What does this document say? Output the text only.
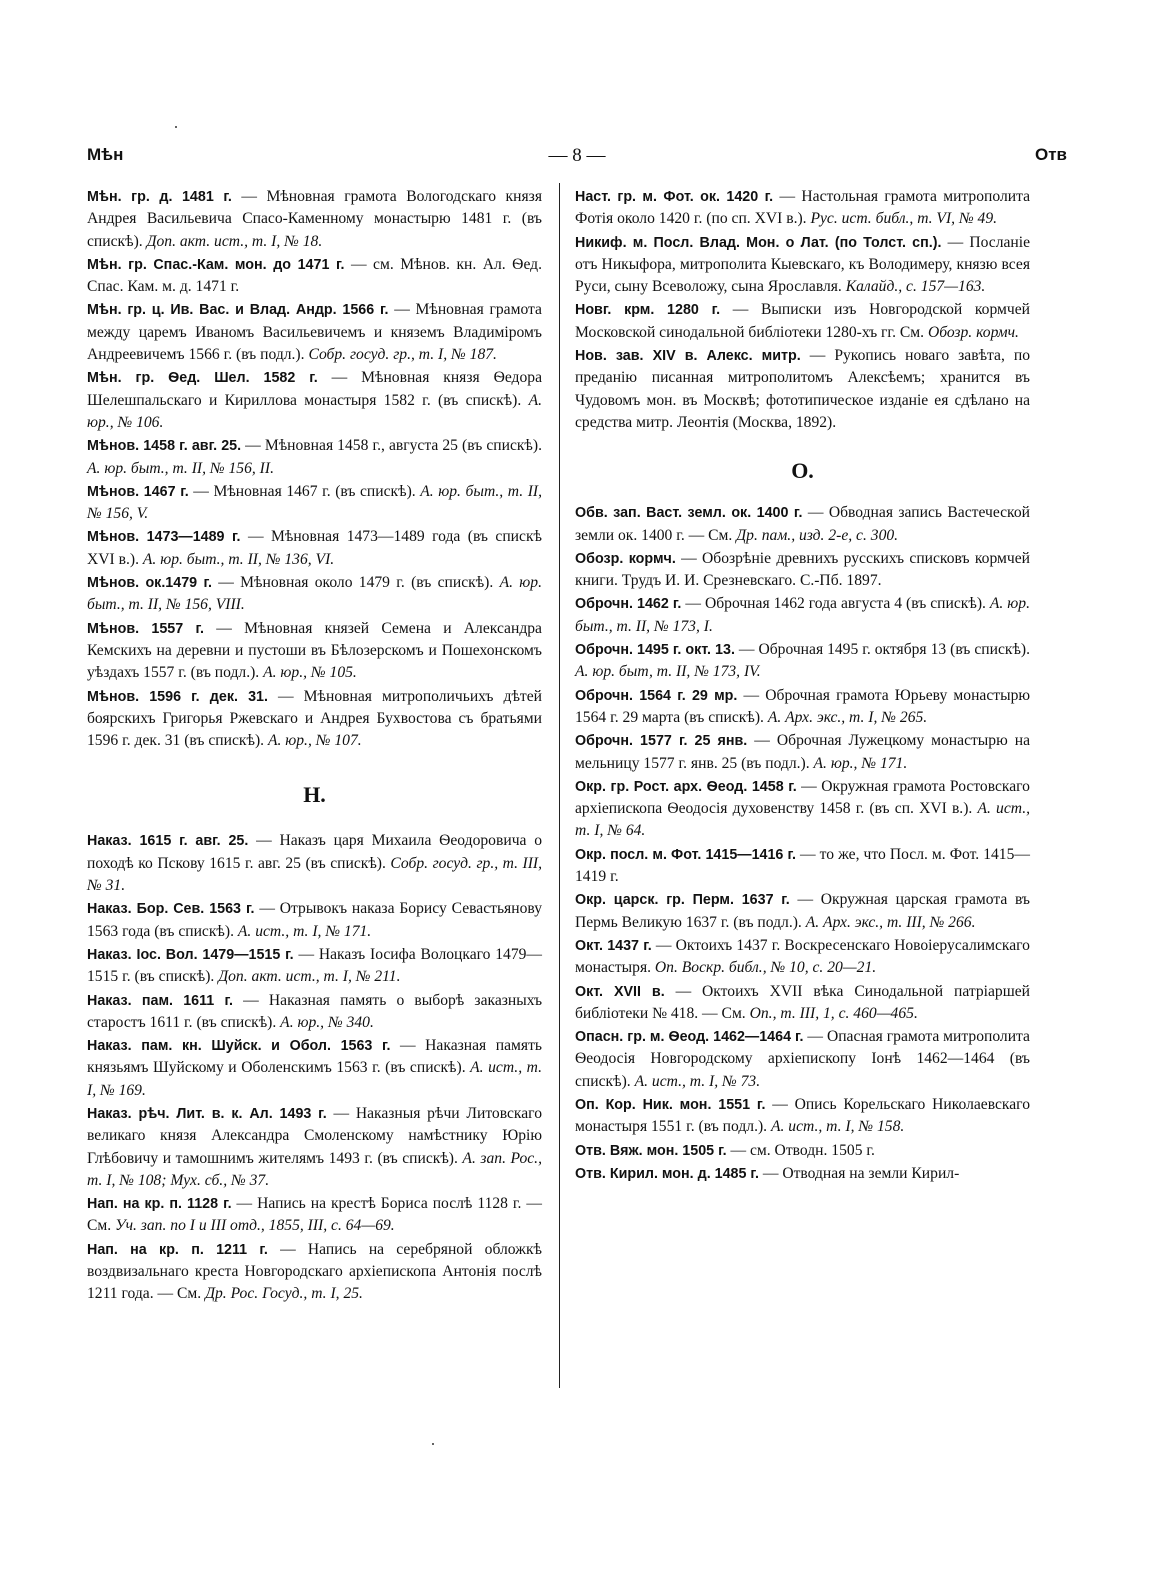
Мѣн	— 8 —	Отв

Мѣн. гр. д. 1481 г. — Мѣновная грамота Вологодскаго князя Андрея Васильевича Спасо-Каменному монастырю 1481 г. (въ спискѣ). Доп. акт. ист., т. I, № 18.

Мѣн. гр. Спас.-Кам. мон. до 1471 г. — см. Мѣнов. кн. Ал. Ѳед. Спас. Кам. м. д. 1471 г.

Мѣн. гр. ц. Ив. Вас. и Влад. Андр. 1566 г. — Мѣновная грамота между царемъ Иваномъ Васильевичемъ и княземъ Владиміромъ Андреевичемъ 1566 г. (въ подл.). Собр. госуд. гр., т. I, № 187.

Мѣн. гр. Ѳед. Шел. 1582 г. — Мѣновная князя Ѳедора Шелешпальскаго и Кириллова монастыря 1582 г. (въ спискѣ). А. юр., № 106.

Мѣнов. 1458 г. авг. 25. — Мѣновная 1458 г., августа 25 (въ спискѣ). А. юр. быт., т. II, № 156, II.

Мѣнов. 1467 г. — Мѣновная 1467 г. (въ спискѣ). А. юр. быт., т. II, № 156, V.

Мѣнов. 1473—1489 г. — Мѣновная 1473—1489 года (въ спискѣ XVI в.). А. юр. быт., т. II, № 136, VI.

Мѣнов. ок.1479 г. — Мѣновная около 1479 г. (въ спискѣ). А. юр. быт., т. II, № 156, VIII.

Мѣнов. 1557 г. — Мѣновная князей Семена и Александра Кемскихъ на деревни и пустоши въ Бѣлозерскомъ и Пошехонскомъ уѣздахъ 1557 г. (въ подл.). А. юр., № 105.

Мѣнов. 1596 г. дек. 31. — Мѣновная митрополичьихъ дѣтей боярскихъ Григорья Ржевскаго и Андрея Бухвостова съ братьями 1596 г. дек. 31 (въ спискѣ). А. юр., № 107.

Н.

Наказ. 1615 г. авг. 25. — Наказъ царя Михаила Ѳеодоровича о походѣ ко Пскову 1615 г. авг. 25 (въ спискѣ). Собр. госуд. гр., т. III, № 31.

Наказ. Бор. Сев. 1563 г. — Отрывокъ наказа Борису Севастьянову 1563 года (въ спискѣ). А. ист., т. I, № 171.

Наказ. Іос. Вол. 1479—1515 г. — Наказъ Іосифа Волоцкаго 1479—1515 г. (въ спискѣ). Доп. акт. ист., т. I, № 211.

Наказ. пам. 1611 г. — Наказная память о выборѣ заказныхъ старостъ 1611 г. (въ спискѣ). А. юр., № 340.

Наказ. пам. кн. Шуйск. и Обол. 1563 г. — Наказная память князьямъ Шуйскому и Оболенскимъ 1563 г. (въ спискѣ). А. ист., т. I, № 169.

Наказ. рѣч. Лит. в. к. Ал. 1493 г. — Наказныя рѣчи Литовскаго великаго князя Александра Смоленскому намѣстнику Юрію Глѣбовичу и тамошнимъ жителямъ 1493 г. (въ спискѣ). А. зап. Рос., т. I, № 108; Мух. сб., № 37.

Нап. на кр. п. 1128 г. — Напись на крестѣ Бориса послѣ 1128 г. — См. Уч. зап. по I и III отд., 1855, III, с. 64—69.

Нап. на кр. п. 1211 г. — Напись на серебряной обложкѣ воздвизальнаго креста Новгородскаго архіепископа Антонія послѣ 1211 года. — См. Др. Рос. Госуд., т. I, 25.

Наст. гр. м. Фот. ок. 1420 г. — Настольная грамота митрополита Фотія около 1420 г. (по сп. XVI в.). Рус. ист. библ., т. VI, № 49.

Никиф. м. Посл. Влад. Мон. о Лат. (по Толст. сп.). — Посланіе отъ Никыфора, митрополита Кыевскаго, къ Володимеру, князю всея Руси, сыну Всеволожу, сына Ярославля. Калайд., с. 157—163.

Новг. крм. 1280 г. — Выписки изъ Новгородской кормчей Московской синодальной библіотеки 1280-хъ гг. См. Обозр. кормч.

Нов. зав. XIV в. Алекс. митр. — Рукопись новаго завѣта, по преданію писанная митрополитомъ Алексѣемъ; хранится въ Чудовомъ мон. въ Москвѣ; фототипическое изданіе ея сдѣлано на средства митр. Леонтія (Москва, 1892).

О.

Обв. зап. Васт. земл. ок. 1400 г. — Обводная запись Вастеческой земли ок. 1400 г. — См. Др. пам., изд. 2-е, с. 300.

Обозр. кормч. — Обозрѣніе древнихъ русскихъ списковъ кормчей книги. Трудъ И. И. Срезневскаго. С.-Пб. 1897.

Оброчн. 1462 г. — Оброчная 1462 года августа 4 (въ спискѣ). А. юр. быт., т. II, № 173, I.

Оброчн. 1495 г. окт. 13. — Оброчная 1495 г. октября 13 (въ спискѣ). А. юр. быт, т. II, № 173, IV.

Оброчн. 1564 г. 29 мр. — Оброчная грамота Юрьеву монастырю 1564 г. 29 марта (въ спискѣ). А. Арх. экс., т. I, № 265.

Оброчн. 1577 г. 25 янв. — Оброчная Лужецкому монастырю на мельницу 1577 г. янв. 25 (въ подл.). А. юр., № 171.

Окр. гр. Рост. арх. Ѳеод. 1458 г. — Окружная грамота Ростовскаго архіепископа Ѳеодосія духовенству 1458 г. (въ сп. XVI в.). А. ист., т. I, № 64.

Окр. посл. м. Фот. 1415—1416 г. — то же, что Посл. м. Фот. 1415—1419 г.

Окр. царск. гр. Перм. 1637 г. — Окружная царская грамота въ Пермь Великую 1637 г. (въ подл.). А. Арх. экс., т. III, № 266.

Окт. 1437 г. — Октоихъ 1437 г. Воскресенскаго Новоіерусалимскаго монастыря. Оп. Воскр. библ., № 10, с. 20—21.

Окт. XVII в. — Октоихъ XVII вѣка Синодальной патріаршей библіотеки № 418. — См. Оп., т. III, 1, с. 460—465.

Опасн. гр. м. Ѳеод. 1462—1464 г. — Опасная грамота митрополита Ѳеодосія Новгородскому архіепископу Іонѣ 1462—1464 (въ спискѣ). А. ист., т. I, № 73.

Оп. Кор. Ник. мон. 1551 г. — Опись Корельскаго Николаевскаго монастыря 1551 г. (въ подл.). А. ист., т. I, № 158.

Отв. Вяж. мон. 1505 г. — см. Отводн. 1505 г.

Отв. Кирил. мон. д. 1485 г. — Отводная на земли Кирил-
